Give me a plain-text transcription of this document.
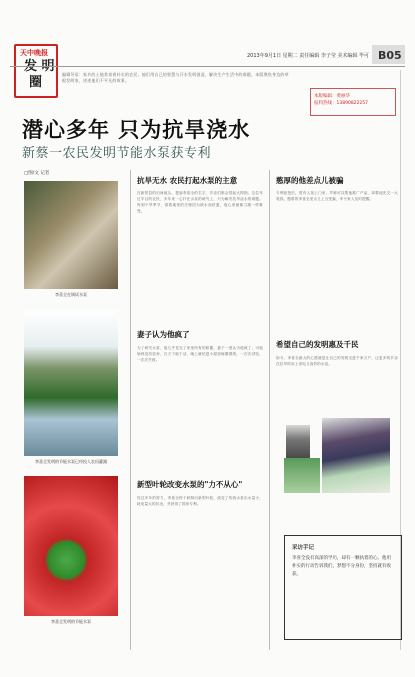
天中晚报
发 明
圈
2013年9月1日 星期二 责任编辑 李子莹 美术编辑 毕可 B05
编辑导语：家乡的土地养育着朴实的农民，他们用自己的智慧与汗水发明创造，解决生产生活中的难题。本版聚焦身边的草根发明家，讲述他们不平凡的故事。
本版编辑：黄丽华
报料热线：13890822257
潜心多年 只为抗旱浇水
新蔡一农民发明节能水泵获专利
□图/文 记者
李喜全在调试水泵
李喜全发明的节能水泵已经投入农田灌溉
李喜全发明的节能水泵
抗旱无水 农民打起水泵的主意
在新蔡县的田间地头，提起李喜全的名字，乡亲们都会竖起大拇指。这位年过半百的农民，多年来一心扑在水泵的研究上，只为解决抗旱浇水的难题。每到干旱季节，看着地里的庄稼因为缺水而枯萎，他心里就像刀割一样难受。
妻子认为他疯了
为了研究水泵，他几乎花光了家里所有的积蓄，妻子一度认为他疯了。可他始终没有放弃，白天下地干活，晚上就钻进小屋里琢磨图纸，一次次试验，一次次失败。
新型叶轮改变水泵的"力不从心"
经过多年的努力，李喜全终于研制出新型叶轮，改变了传统水泵出水量小、耗电量大的状况，并获得了国家专利。
憨厚的他差点儿被骗
专利获批后，曾有人找上门来，声称可以帮他推广产品，却要他先交一大笔钱。憨厚的李喜全差点儿上当受骗，幸亏家人及时提醒。
希望自己的发明惠及千民
如今，李喜全最大的心愿就是让自己的发明走进千家万户，让更多的乡亲在抗旱时用上省电又高效的水泵。
采访手记
李喜全没有高深的学历，却有一颗执着的心。他用朴实的行动告诉我们，梦想不分身份，坚持就有收获。
